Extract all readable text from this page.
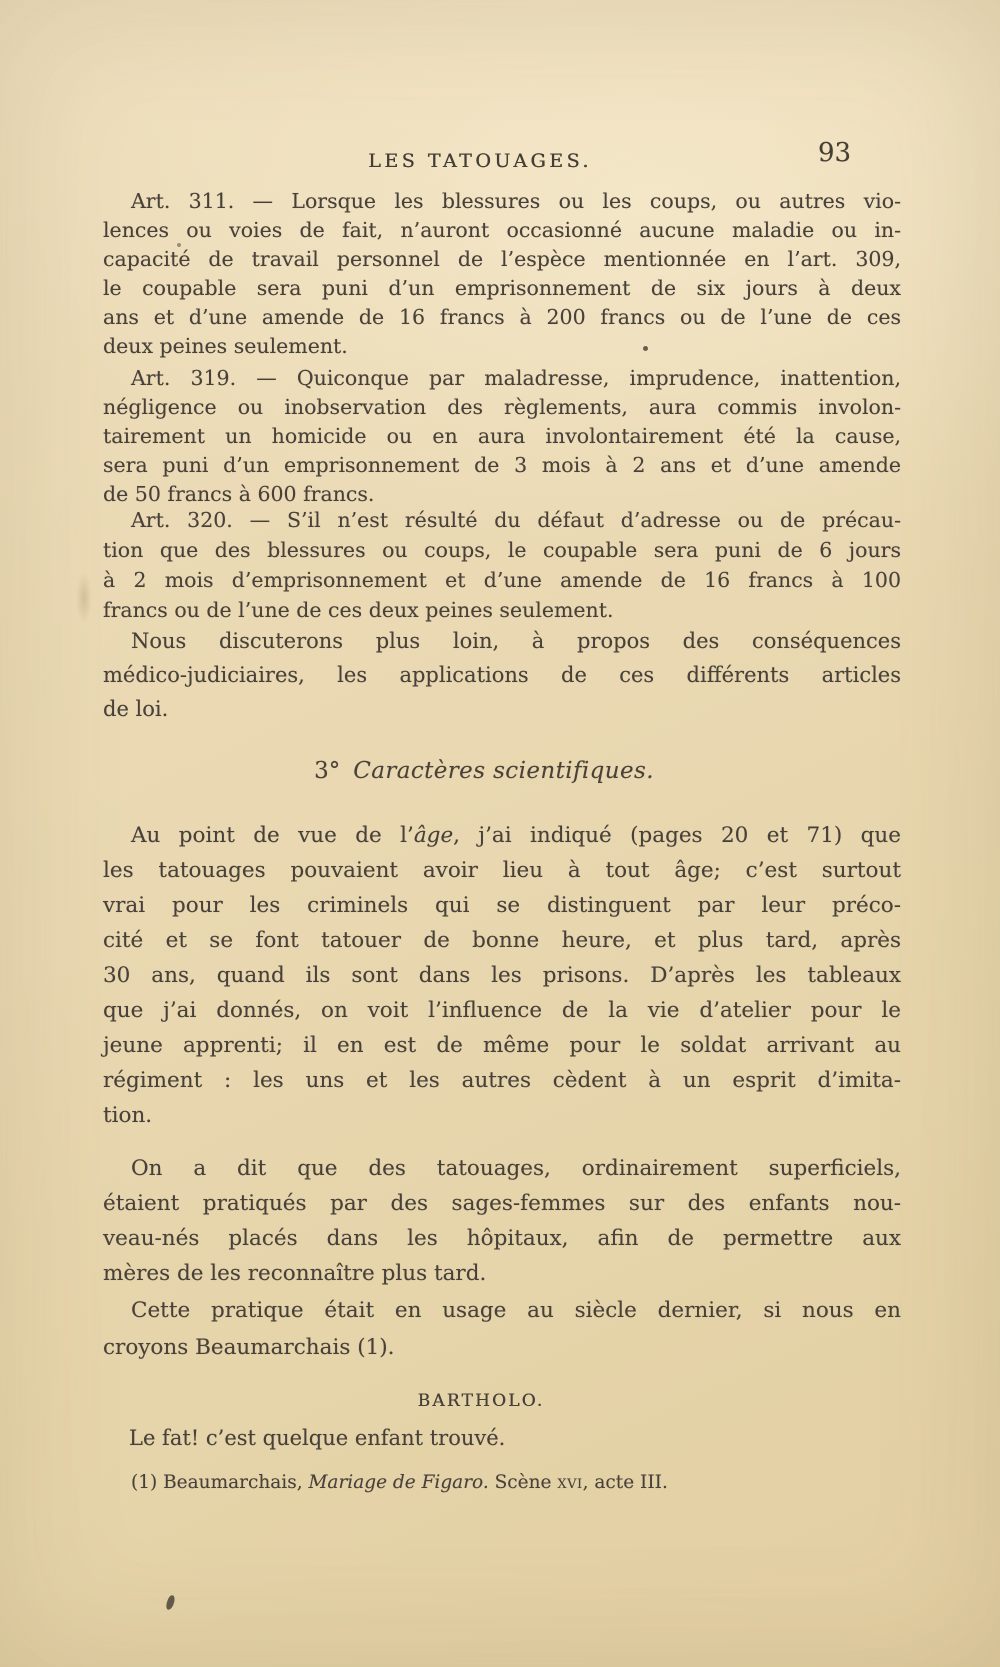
LES TATOUAGES.	93
Art. 311. — Lorsque les blessures ou les coups, ou autres vio-
lences ou voies de fait, n’auront occasionné aucune maladie ou in-
capacité de travail personnel de l’espèce mentionnée en l’art. 309,
le coupable sera puni d’un emprisonnement de six jours à deux
ans et d’une amende de 16 francs à 200 francs ou de l’une de ces
deux peines seulement.
Art. 319. — Quiconque par maladresse, imprudence, inattention,
négligence ou inobservation des règlements, aura commis involon-
tairement un homicide ou en aura involontairement été la cause,
sera puni d’un emprisonnement de 3 mois à 2 ans et d’une amende
de 50 francs à 600 francs.
Art. 320. — S’il n’est résulté du défaut d’adresse ou de précau-
tion que des blessures ou coups, le coupable sera puni de 6 jours
à 2 mois d’emprisonnement et d’une amende de 16 francs à 100
francs ou de l’une de ces deux peines seulement.
Nous discuterons plus loin, à propos des conséquences
médico-judiciaires, les applications de ces différents articles
de loi.
3° Caractères scientifiques.
Au point de vue de l’âge, j’ai indiqué (pages 20 et 71) que
les tatouages pouvaient avoir lieu à tout âge; c’est surtout
vrai pour les criminels qui se distinguent par leur préco-
cité et se font tatouer de bonne heure, et plus tard, après
30 ans, quand ils sont dans les prisons. D’après les tableaux
que j’ai donnés, on voit l’influence de la vie d’atelier pour le
jeune apprenti; il en est de même pour le soldat arrivant au
régiment : les uns et les autres cèdent à un esprit d’imita-
tion.
On a dit que des tatouages, ordinairement superficiels,
étaient pratiqués par des sages-femmes sur des enfants nou-
veau-nés placés dans les hôpitaux, afin de permettre aux
mères de les reconnaître plus tard.
Cette pratique était en usage au siècle dernier, si nous en
croyons Beaumarchais (1).
BARTHOLO.
Le fat! c’est quelque enfant trouvé.
(1) Beaumarchais, Mariage de Figaro. Scène xvi, acte III.
